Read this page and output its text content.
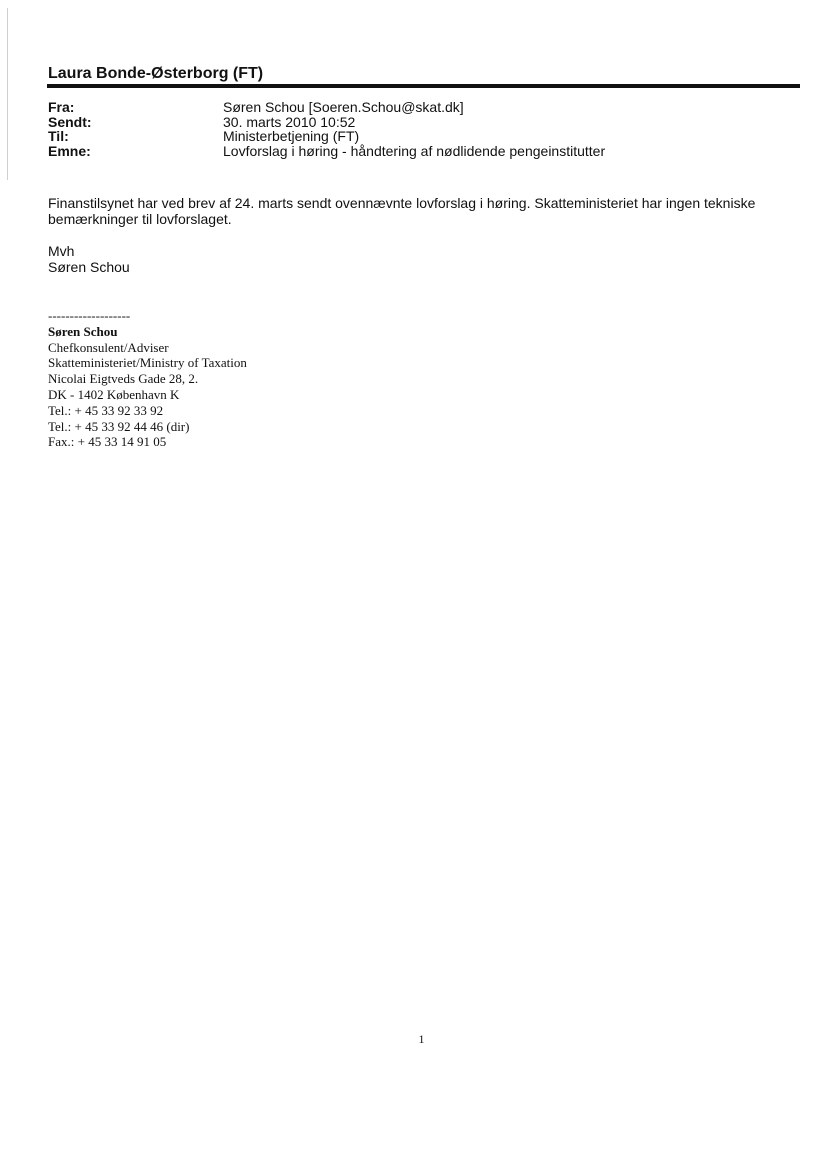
Laura Bonde-Østerborg (FT)
Fra:	Søren Schou [Soeren.Schou@skat.dk]
Sendt:	30. marts 2010 10:52
Til:	Ministerbetjening (FT)
Emne:	Lovforslag i høring - håndtering af nødlidende pengeinstitutter

Finanstilsynet har ved brev af 24. marts sendt ovennævnte lovforslag i høring. Skatteministeriet har ingen tekniske bemærkninger til lovforslaget.

Mvh
Søren Schou
-------------------
Søren Schou
Chefkonsulent/Adviser
Skatteministeriet/Ministry of Taxation
Nicolai Eigtveds Gade 28, 2.
DK - 1402 København K
Tel.: + 45 33 92 33 92
Tel.: + 45 33 92 44 46 (dir)
Fax.: + 45 33 14 91 05
1
